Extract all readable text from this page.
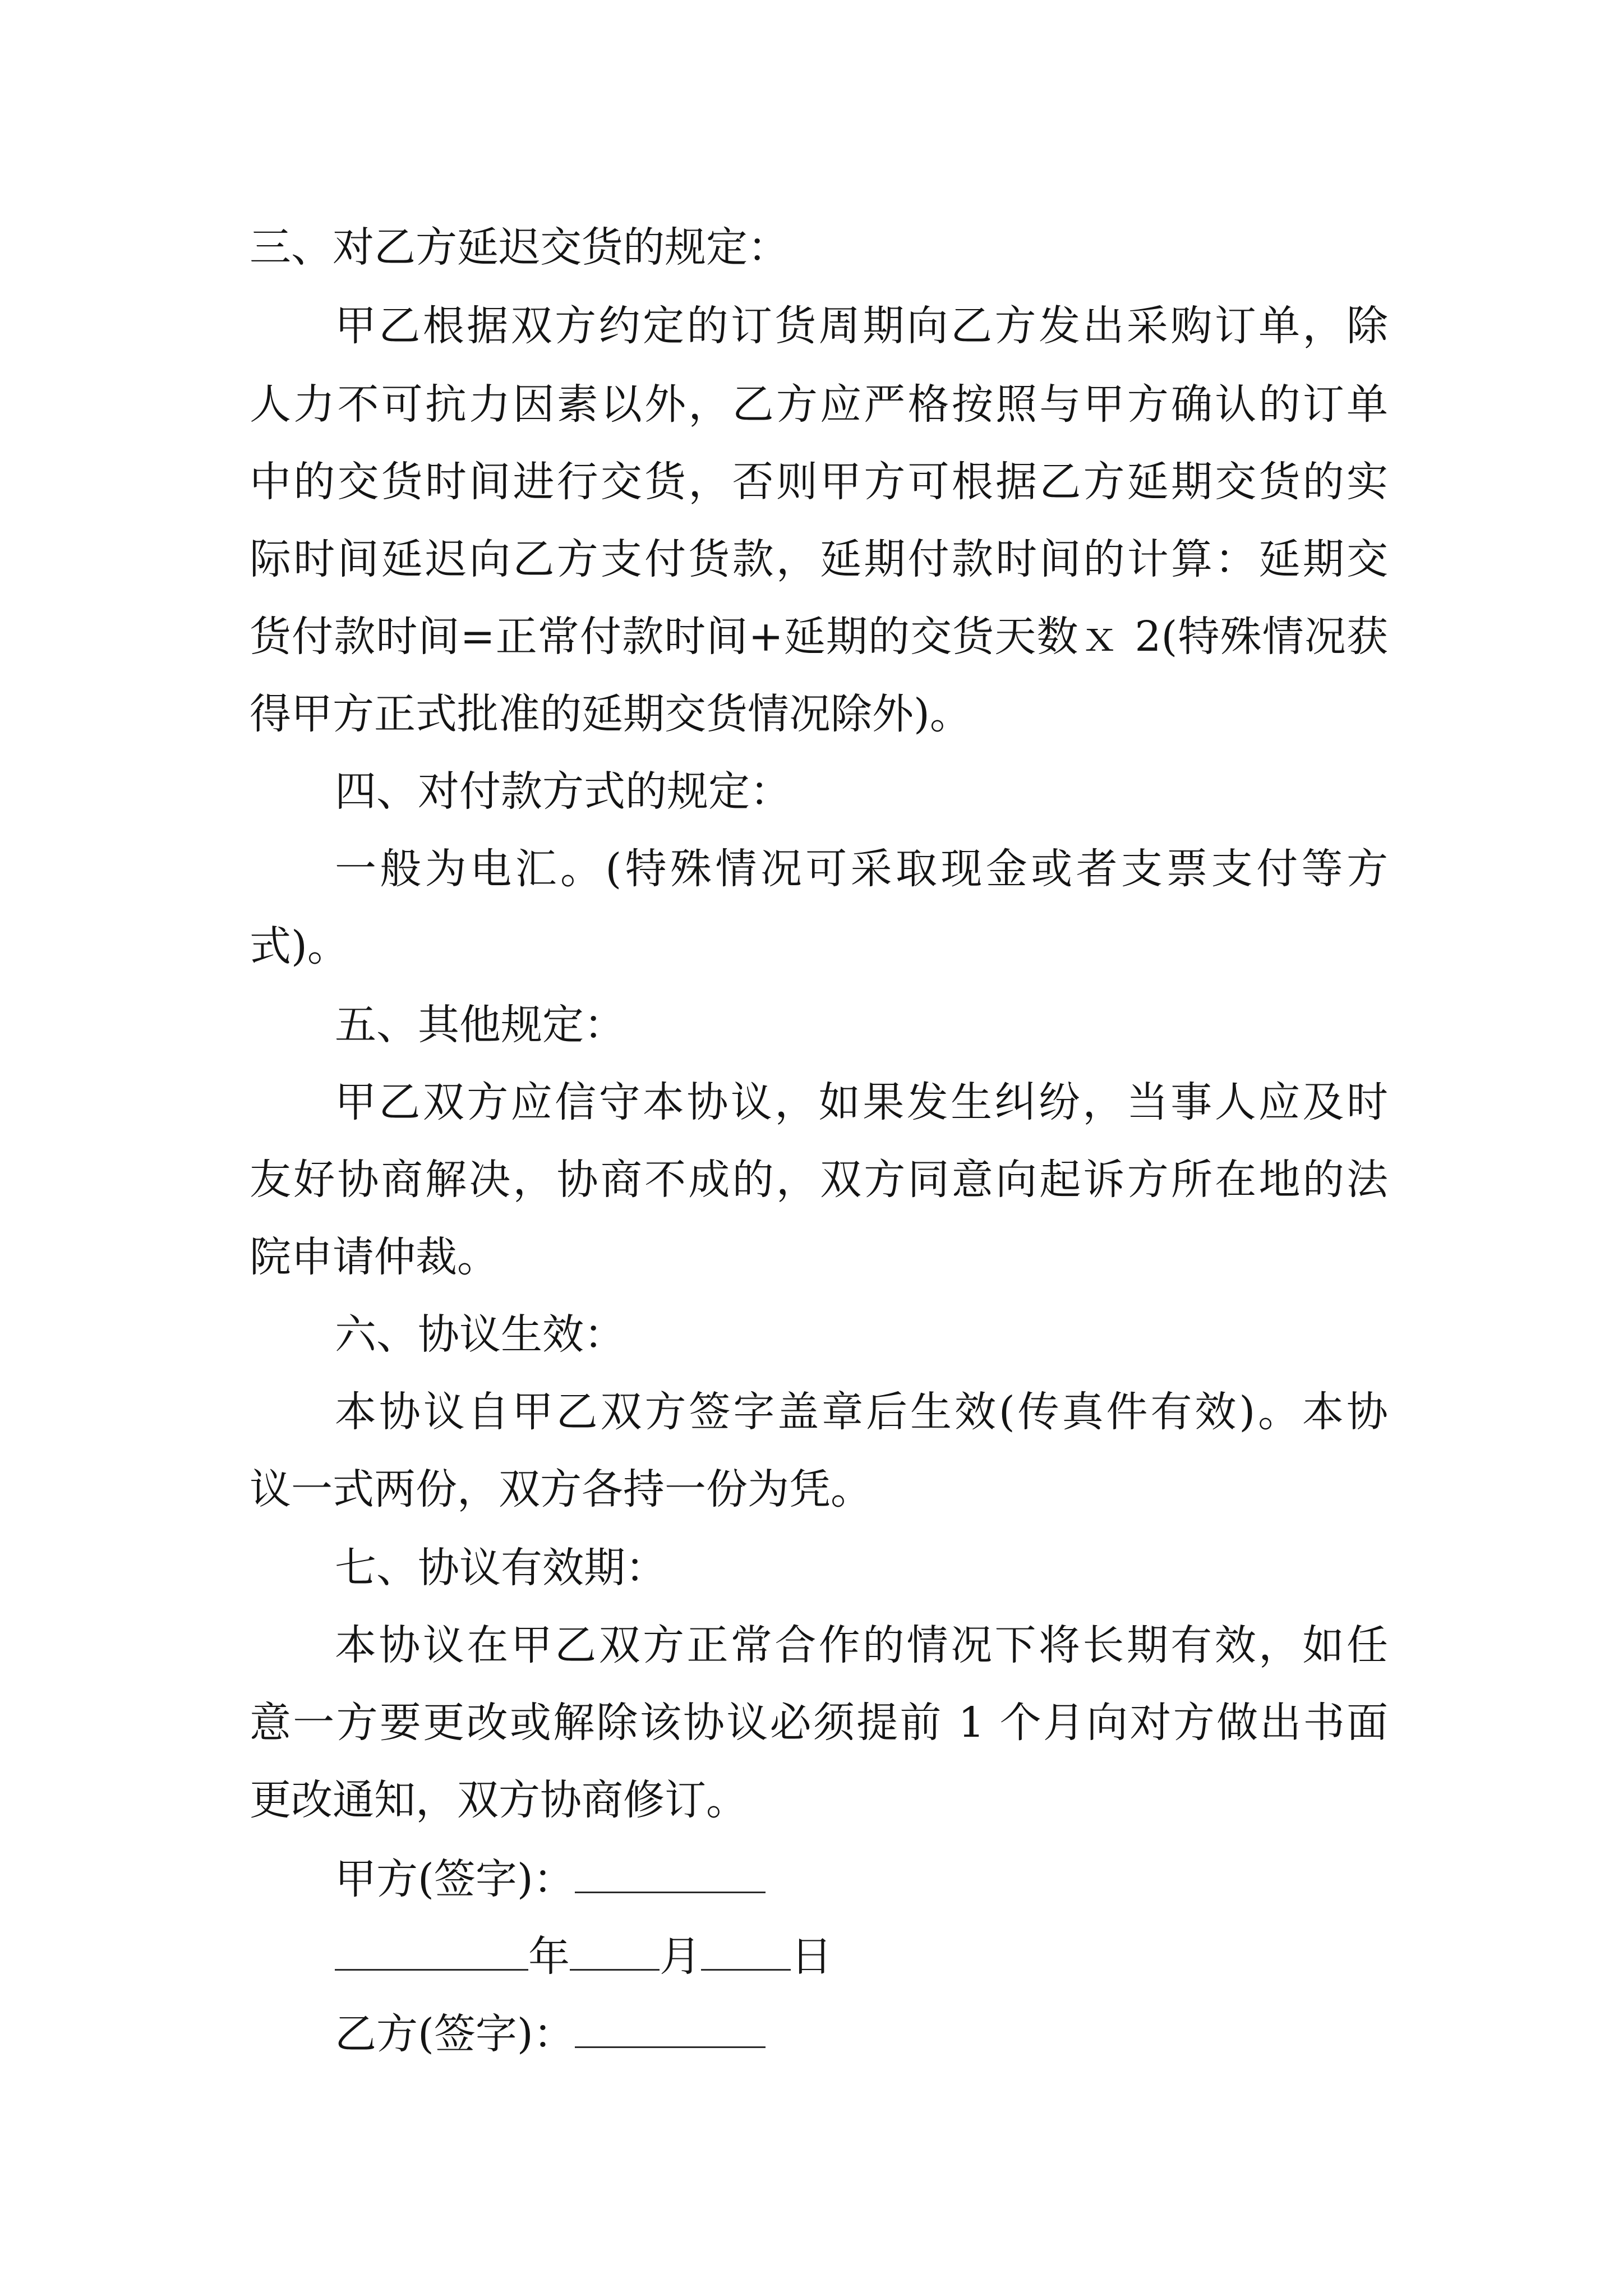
三、对乙方延迟交货的规定：
甲乙根据双方约定的订货周期向乙方发出采购订单，除
人力不可抗力因素以外，乙方应严格按照与甲方确认的订单
中的交货时间进行交货，否则甲方可根据乙方延期交货的实
际时间延迟向乙方支付货款，延期付款时间的计算：延期交
货付款时间=正常付款时间+延期的交货天数ｘ 2(特殊情况获
得甲方正式批准的延期交货情况除外)。
四、对付款方式的规定：
一般为电汇。(特殊情况可采取现金或者支票支付等方
式)。
五、其他规定：
甲乙双方应信守本协议，如果发生纠纷，当事人应及时
友好协商解决，协商不成的，双方同意向起诉方所在地的法
院申请仲裁。
六、协议生效：
本协议自甲乙双方签字盖章后生效(传真件有效)。本协
议一式两份，双方各持一份为凭。
七、协议有效期：
本协议在甲乙双方正常合作的情况下将长期有效，如任
意一方要更改或解除该协议必须提前 1 个月向对方做出书面
更改通知，双方协商修订。
甲方(签字)：
年 月 日
乙方(签字)：
